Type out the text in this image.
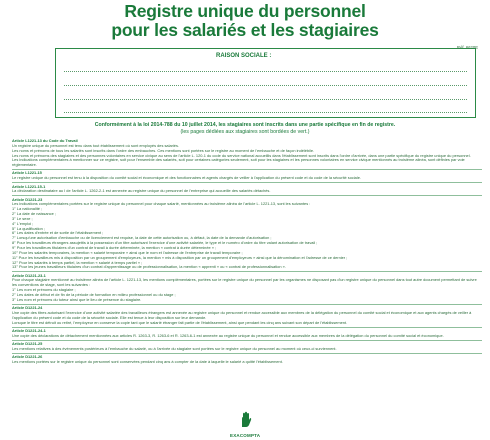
Registre unique du personnel
pour les salariés et les stagiaires
Réf. 6620E
RAISON SOCIALE :
Conformément à la loi 2014-788 du 10 juillet 2014, les stagiaires sont inscrits dans une partie spécifique en fin de registre.
(les pages dédiées aux stagiaires sont bordées de vert.)

Article L1221-13 du Code du Travail

Un registre unique du personnel est tenu dans tout établissement où sont employés des salariés.

Les noms et prénoms de tous les salariés sont inscrits dans l'ordre des embauches. Ces mentions sont portées sur le registre au moment de l'embauche et de façon indélébile.

Les noms et prénoms des stagiaires et des personnes volontaires en service civique au sens de l'article L. 120-1 du code du service national accueillis dans l'établissement sont inscrits dans l'ordre d'arrivée, dans une partie spécifique du registre unique du personnel.

Les indications complémentaires à mentionner sur ce registre, soit pour l'ensemble des salariés, soit pour certaines catégories seulement, soit pour les stagiaires et les personnes volontaires en service civique mentionnés au troisième alinéa, sont définies par voie réglementaire.

Article L1221-15

Le registre unique du personnel est tenu à la disposition du comité social et économique et des fonctionnaires et agents chargés de veiller à l'application du présent code et du code de la sécurité sociale.

Article L1221-15-1

La déclaration destinataire au I de l'article L. 1262-2-1 est annexée au registre unique du personnel de l'entreprise qui accueille des salariés détachés.

Article D1221-23

Les indications complémentaires portées sur le registre unique du personnel pour chaque salarié, mentionnées au troisième alinéa de l'article L. 1221-13, sont les suivantes :

1° La nationalité ;

2° La date de naissance ;

3° Le sexe ;

4° L'emploi ;

5° La qualification ;

6° Les dates d'entrée et de sortie de l'établissement ;

7° Lorsqu'une autorisation d'embauche ou de licenciement est requise, la date de cette autorisation ou, à défaut, la date de la demande d'autorisation ;

8° Pour les travailleurs étrangers assujettis à la possession d'un titre autorisant l'exercice d'une activité salariée, le type et le numéro d'ordre du titre valant autorisation de travail ;

9° Pour les travailleurs titulaires d'un contrat de travail à durée déterminée, la mention « contrat à durée déterminée » ;

10° Pour les salariés temporaires, la mention « salarié temporaire » ainsi que le nom et l'adresse de l'entreprise de travail temporaire ;

11° Pour les travailleurs mis à disposition par un groupement d'employeurs, la mention « mis à disposition par un groupement d'employeurs » ainsi que la dénomination et l'adresse de ce dernier ;

12° Pour les salariés à temps partiel, la mention « salarié à temps partiel » ;

13° Pour les jeunes travailleurs titulaires d'un contrat d'apprentissage ou de professionnalisation, la mention « apprenti » ou « contrat de professionnalisation ».

Article D1221-23-1

Pour chaque stagiaire mentionné au troisième alinéa de l'article L. 1221-13, les mentions complémentaires, portées sur le registre unique du personnel par les organismes ne disposant pas d'un registre unique du personnel dans tout autre document permettant de suivre les conventions de stage, sont les suivantes :

1° Les nom et prénoms du stagiaire ;

2° Les dates de début et de fin de la période de formation en milieu professionnel ou du stage ;

3° Les nom et prénoms du tuteur ainsi que le lieu de présence du stagiaire.

Article D1221-24

Une copie des titres autorisant l'exercice d'une activité salariée des travailleurs étrangers est annexée au registre unique du personnel et rendue accessible aux membres de la délégation du personnel du comité social et économique et aux agents chargés de veiller à l'application du présent code et du code de la sécurité sociale. Elle est tenue à leur disposition sur leur demande.

Lorsque le titre est détruit ou retiré, l'employeur en conserve la copie tant que le salarié étranger fait partie de l'établissement, ainsi que pendant les cinq ans suivant son départ de l'établissement.

Article D1221-24-1

Une copie des déclarations de détachement mentionnées aux articles R. 1263-3, R. 1263-6 et R. 1263-6-1 est annexée au registre unique du personnel et rendue accessible aux membres de la délégation du personnel du comité social et économique.

Article D1221-25

Les mentions relatives à des événements postérieurs à l'embauche du salarié, ou à l'arrivée du stagiaire sont portées sur le registre unique du personnel au moment où ceux-ci surviennent.

Article D1221-26

Les mentions portées sur le registre unique du personnel sont conservées pendant cinq ans à compter de la date à laquelle le salarié a quitté l'établissement.

EXACOMPTA
